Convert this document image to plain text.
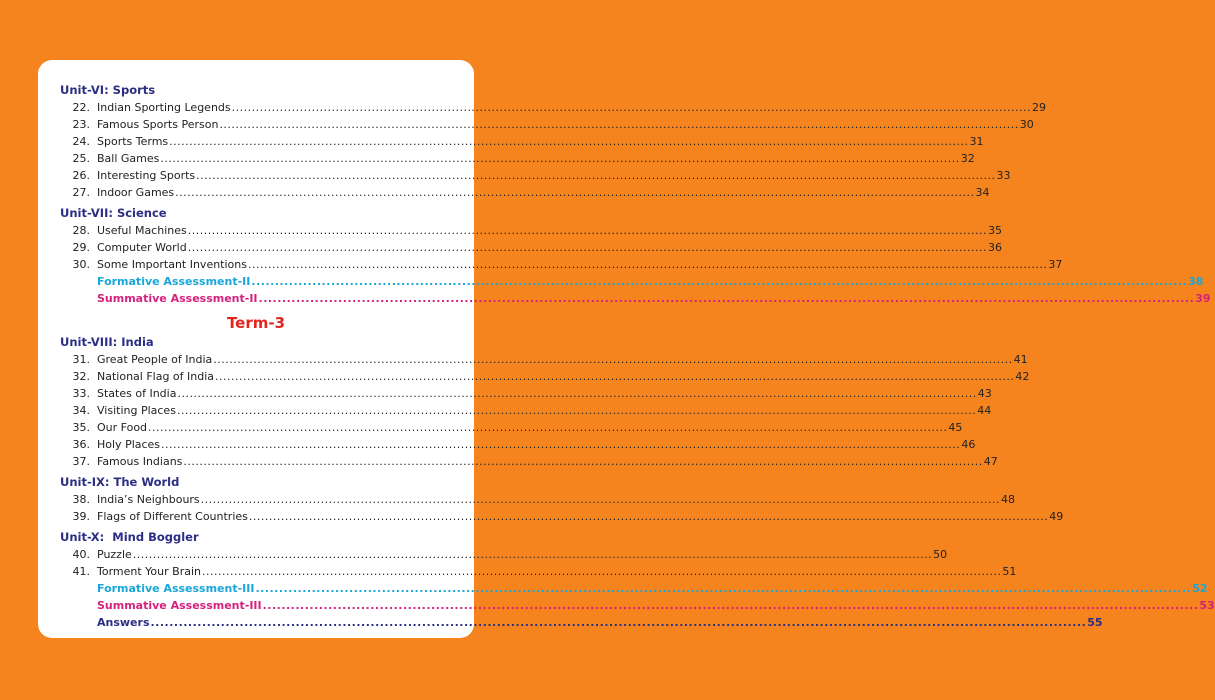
Unit-VI: Sports
22. Indian Sporting Legends ........................................................................................................................................................................................................ 29
23. Famous Sports Person ........................................................................................................................................................................................................ 30
24. Sports Terms ........................................................................................................................................................................................................ 31
25. Ball Games ........................................................................................................................................................................................................ 32
26. Interesting Sports ........................................................................................................................................................................................................ 33
27. Indoor Games ........................................................................................................................................................................................................ 34
Unit-VII: Science
28. Useful Machines ........................................................................................................................................................................................................ 35
29. Computer World ........................................................................................................................................................................................................ 36
30. Some Important Inventions ........................................................................................................................................................................................................ 37
Formative Assessment-II ........................................................................................................................................................................................................ 38
Summative Assessment-II ........................................................................................................................................................................................................ 39
Term-3
Unit-VIII: India
31. Great People of India ........................................................................................................................................................................................................ 41
32. National Flag of India ........................................................................................................................................................................................................ 42
33. States of India ........................................................................................................................................................................................................ 43
34. Visiting Places ........................................................................................................................................................................................................ 44
35. Our Food ........................................................................................................................................................................................................ 45
36. Holy Places ........................................................................................................................................................................................................ 46
37. Famous Indians ........................................................................................................................................................................................................ 47
Unit-IX: The World
38. India’s Neighbours ........................................................................................................................................................................................................ 48
39. Flags of Different Countries ........................................................................................................................................................................................................ 49
Unit-X:  Mind Boggler
40. Puzzle ........................................................................................................................................................................................................ 50
41. Torment Your Brain ........................................................................................................................................................................................................ 51
Formative Assessment-III ........................................................................................................................................................................................................ 52
Summative Assessment-III ........................................................................................................................................................................................................ 53
Answers ........................................................................................................................................................................................................ 55
